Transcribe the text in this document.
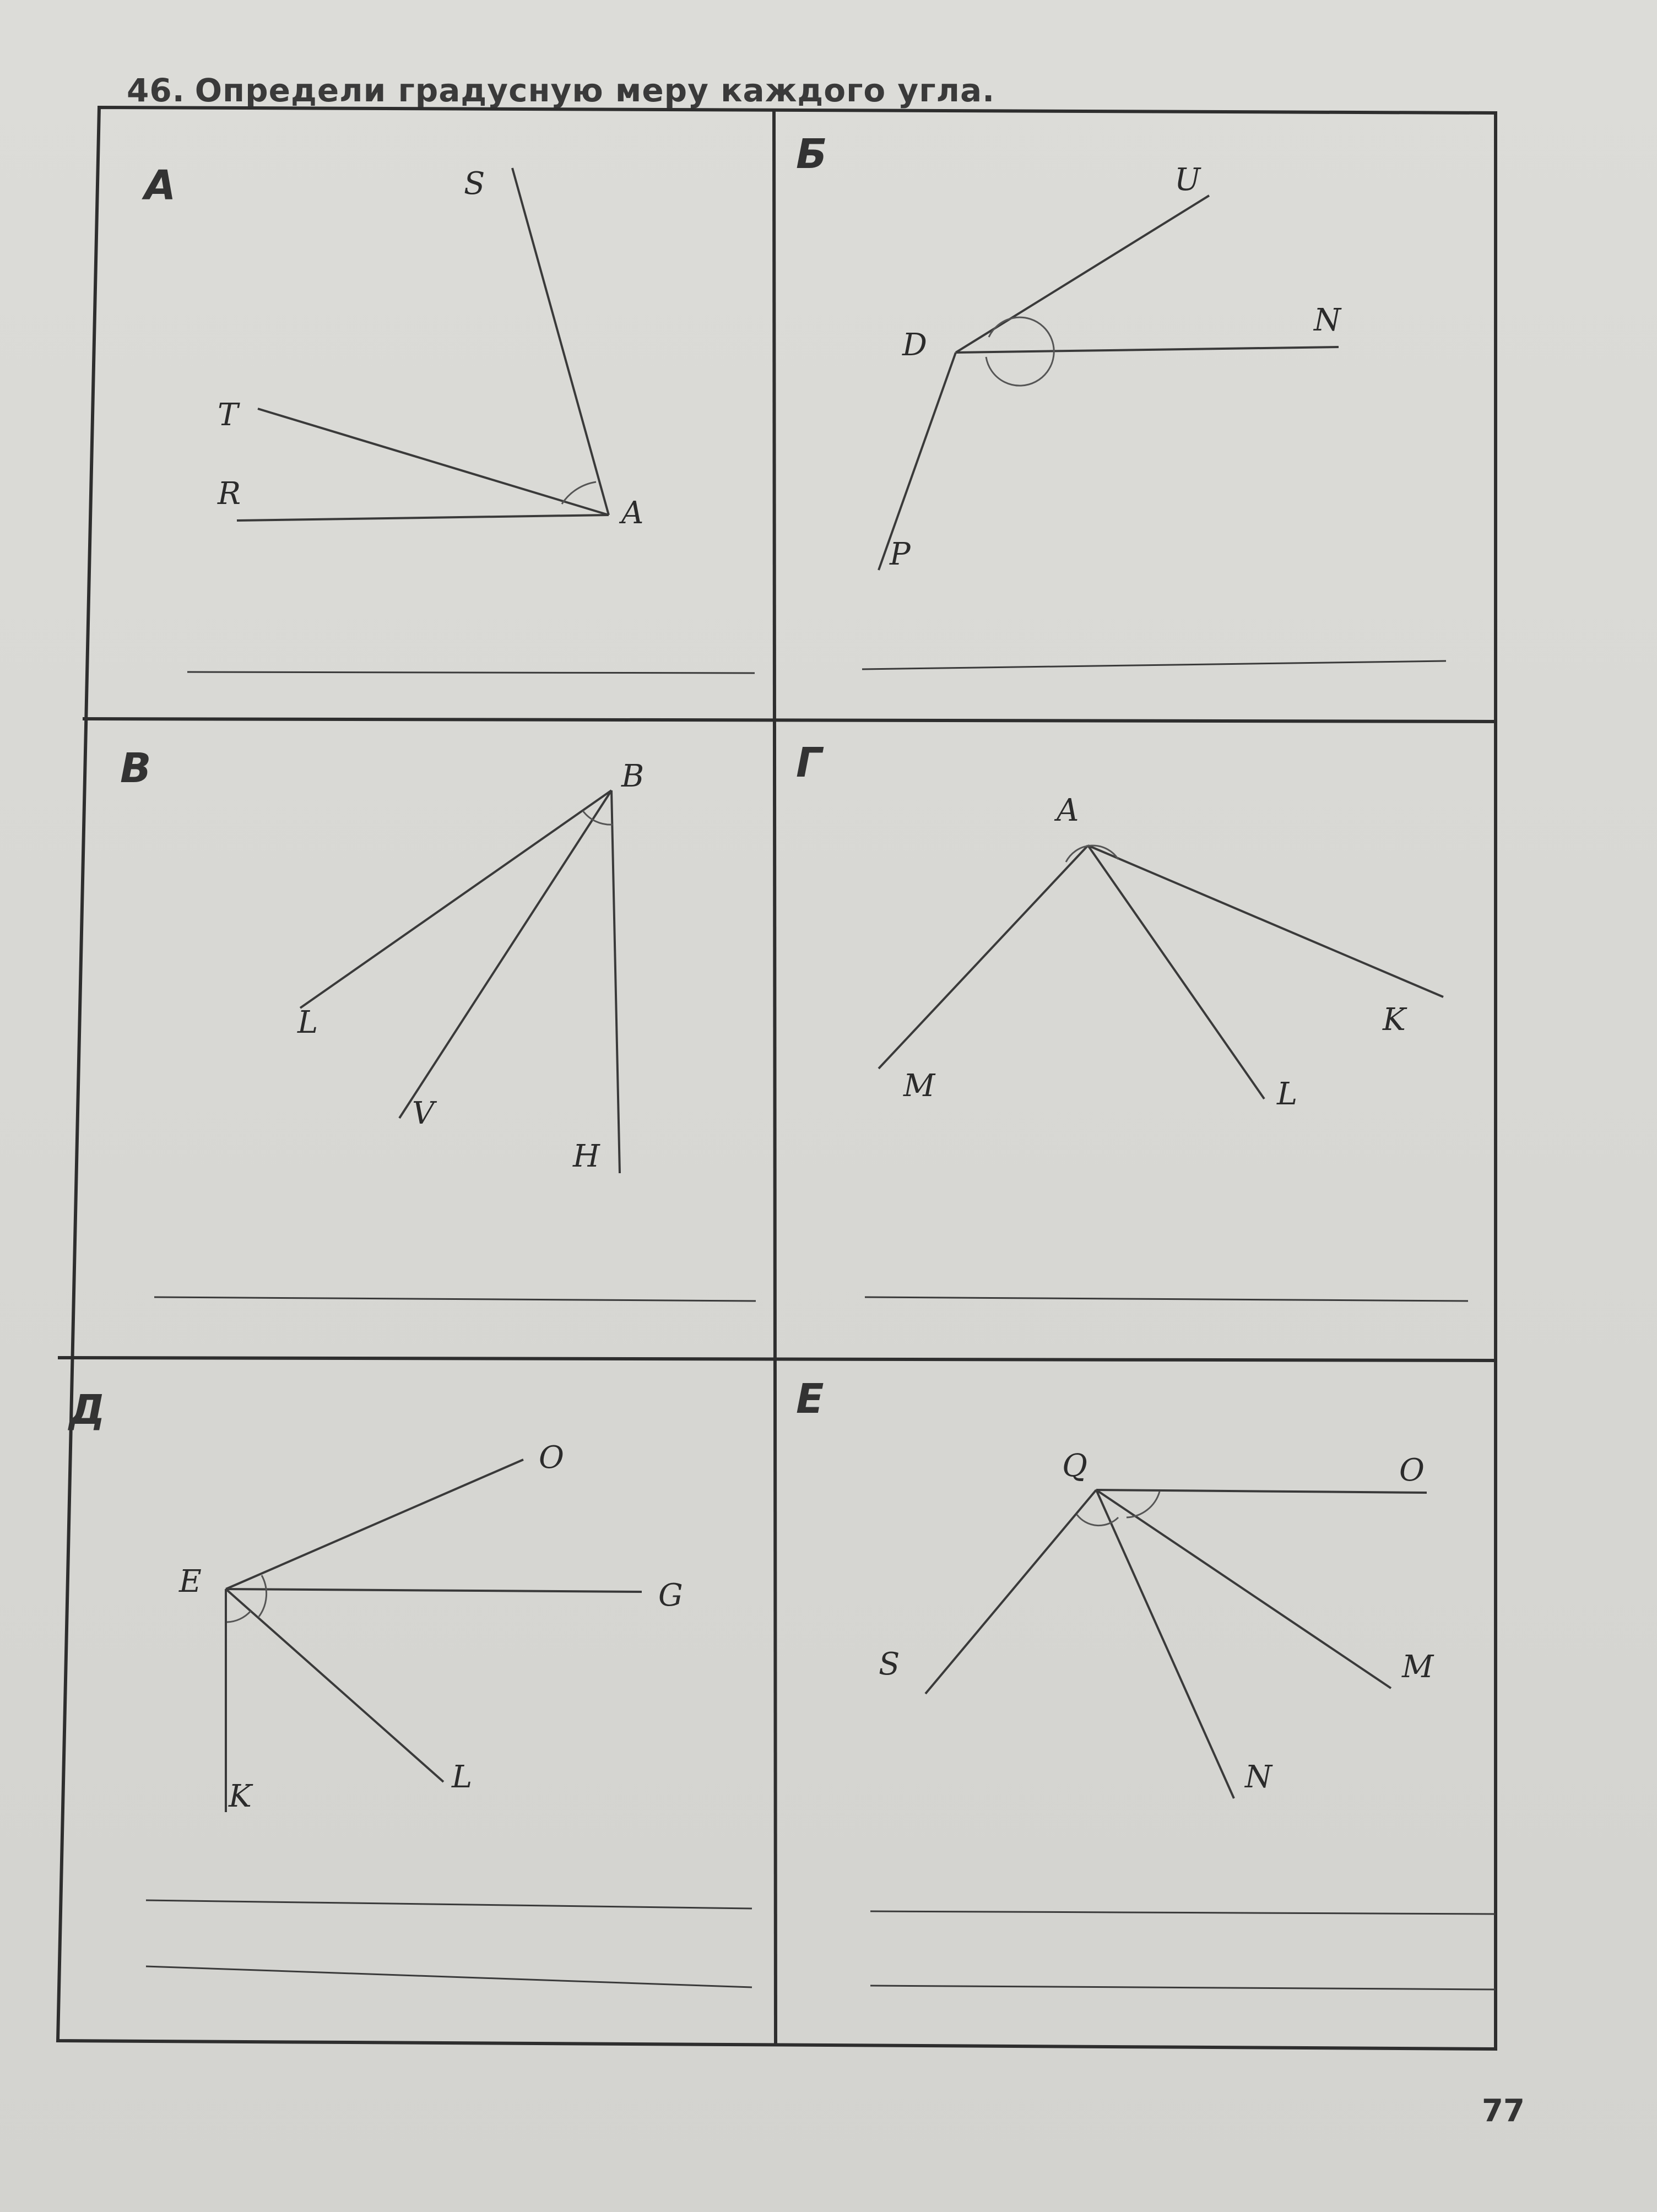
46. Определи градусную меру каждого угла.
А	S
T
R
A
Б
U
D
N
P
В	B
L
V
H
Г
A
M	L
K
Д
O
E	G
K
L
Е
Q	O
S	M
N
77
